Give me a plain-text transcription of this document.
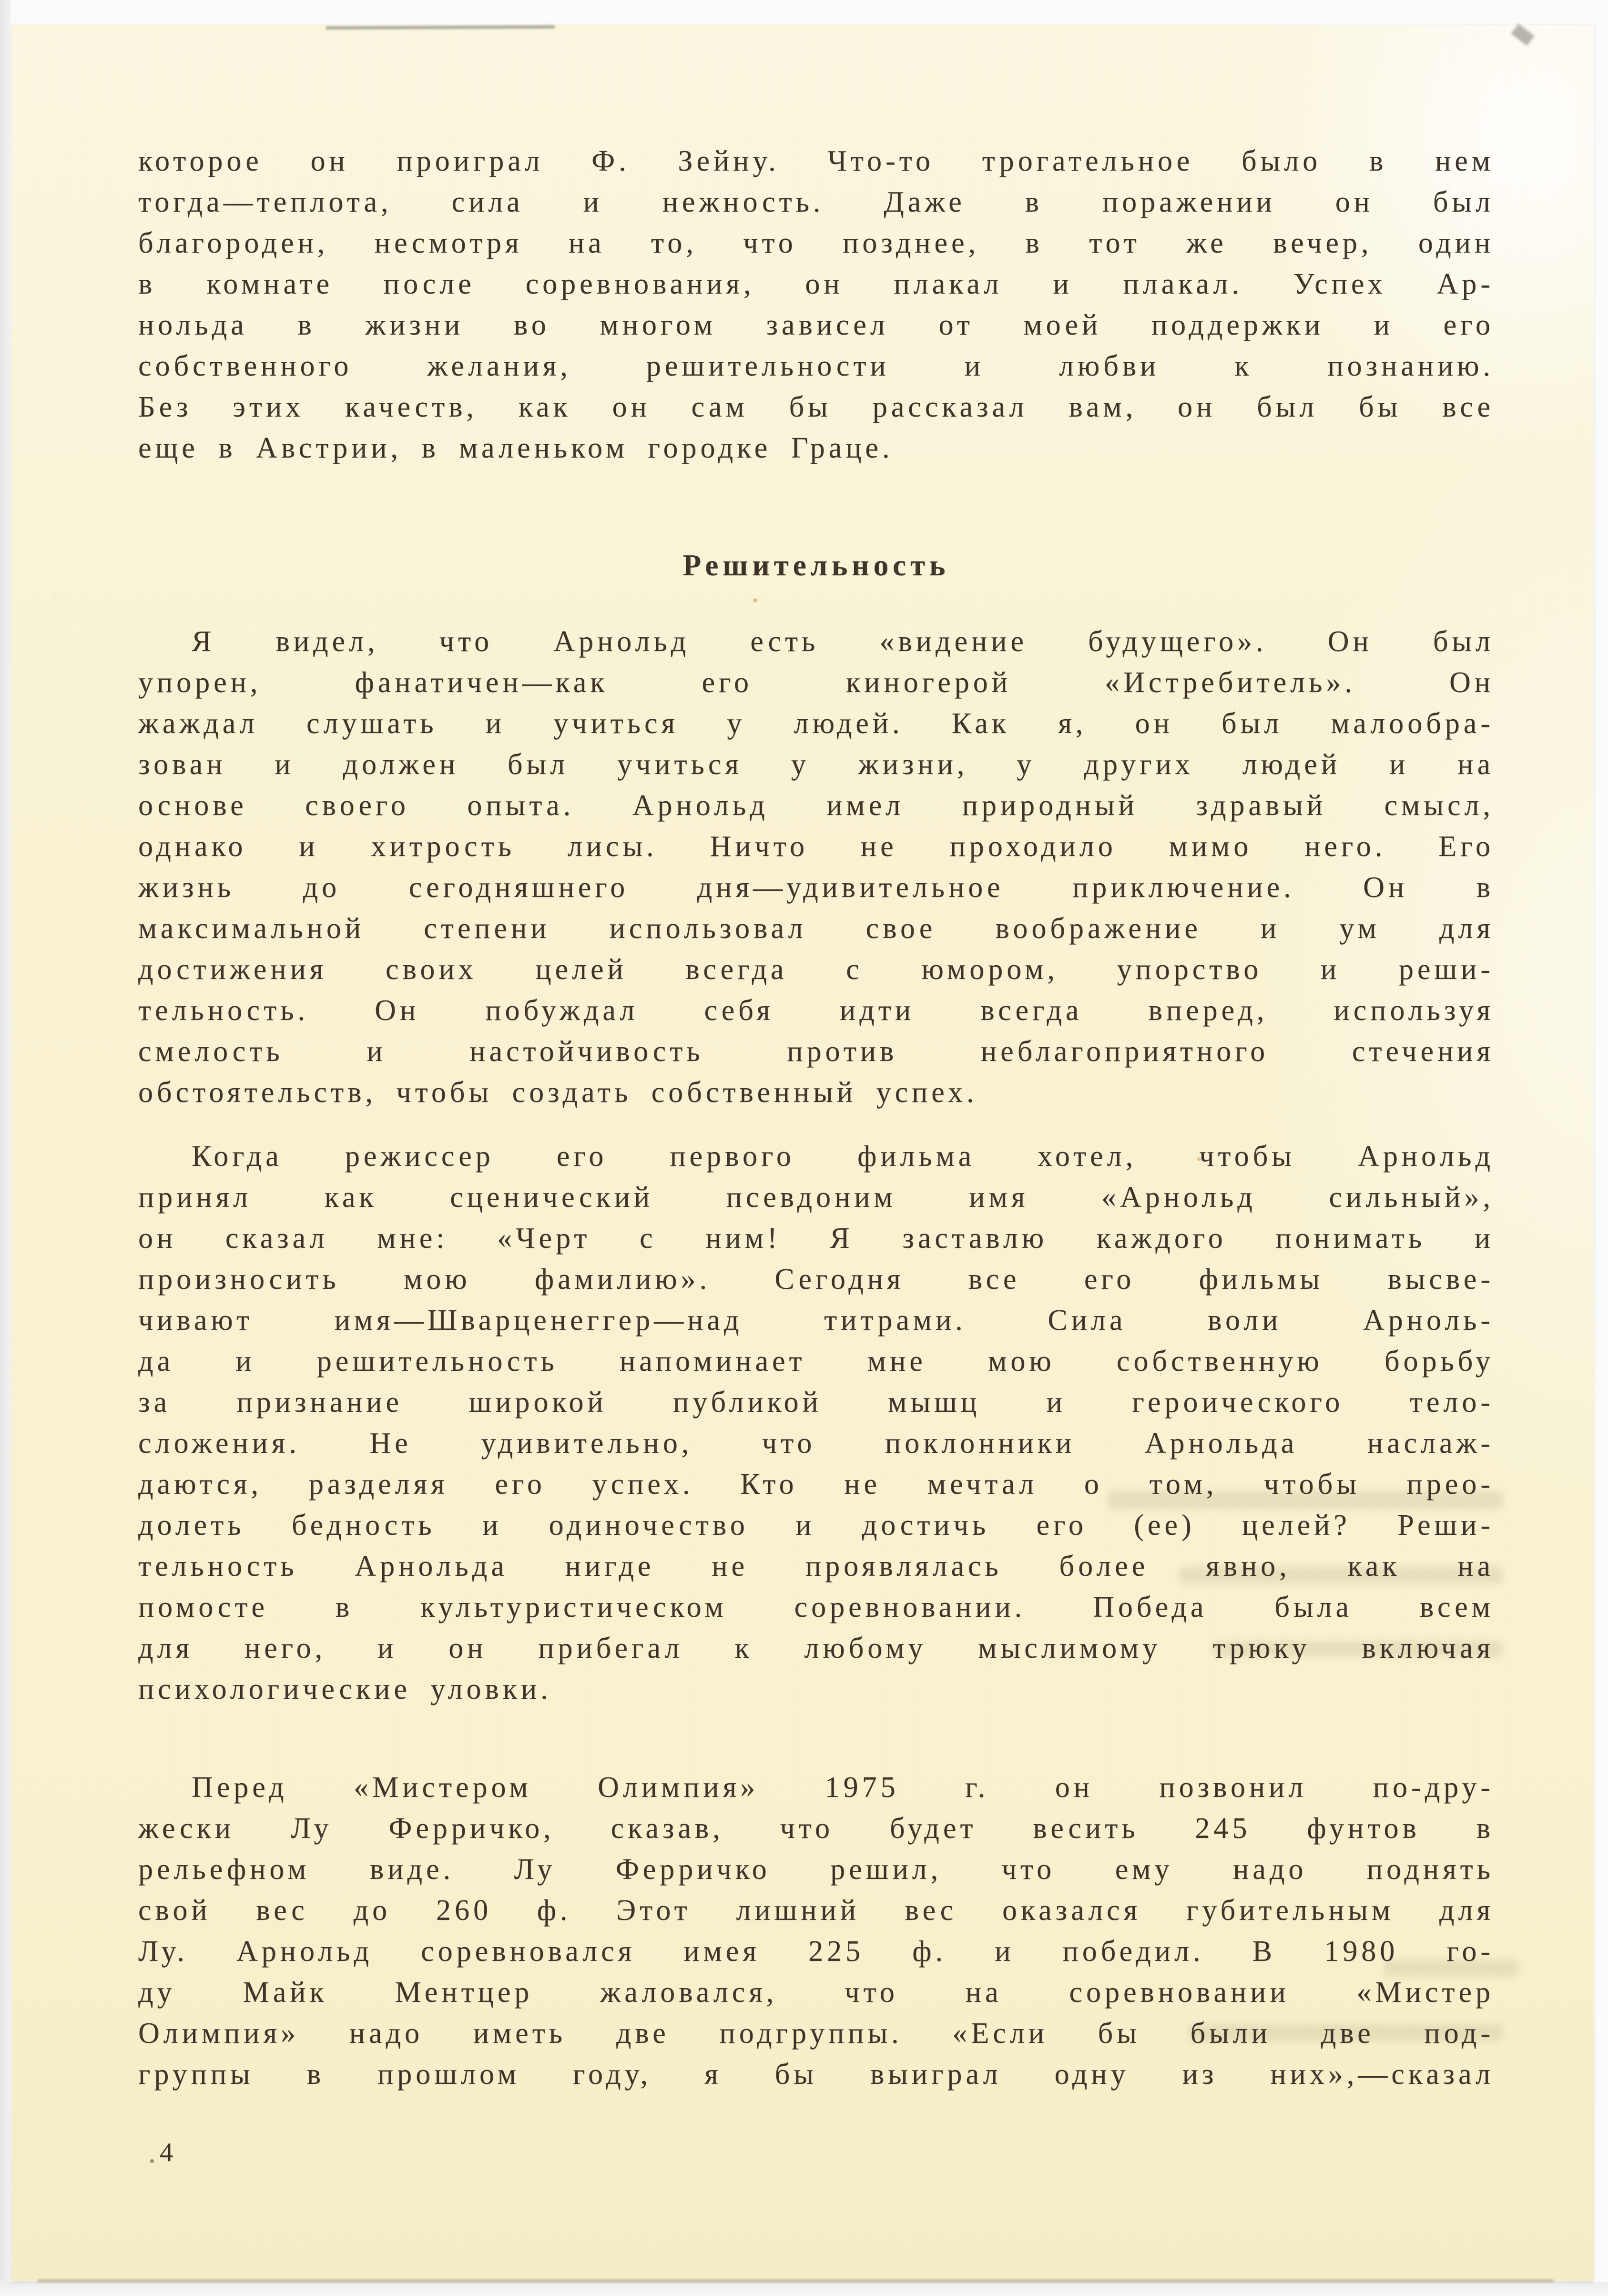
которое он проиграл Ф. Зейну. Что-то трогательное было в нем
тогда—теплота, сила и нежность. Даже в поражении он был
благороден, несмотря на то, что позднее, в тот же вечер, один
в комнате после соревнования, он плакал и плакал. Успех Ар-
нольда в жизни во многом зависел от моей поддержки и его
собственного желания, решительности и любви к познанию.
Без этих качеств, как он сам бы рассказал вам, он был бы все
еще в Австрии, в маленьком городке Граце.
Решительность
Я видел, что Арнольд есть «видение будущего». Он был
упорен, фанатичен—как его киногерой «Истребитель». Он
жаждал слушать и учиться у людей. Как я, он был малообра-
зован и должен был учиться у жизни, у других людей и на
основе своего опыта. Арнольд имел природный здравый смысл,
однако и хитрость лисы. Ничто не проходило мимо него. Его
жизнь до сегодняшнего дня—удивительное приключение. Он в
максимальной степени использовал свое воображение и ум для
достижения своих целей всегда с юмором, упорство и реши-
тельность. Он побуждал себя идти всегда вперед, используя
смелость и настойчивость против неблагоприятного стечения
обстоятельств, чтобы создать собственный успех.
Когда режиссер его первого фильма хотел, чтобы Арнольд
принял как сценический псевдоним имя «Арнольд сильный»,
он сказал мне: «Черт с ним! Я заставлю каждого понимать и
произносить мою фамилию». Сегодня все его фильмы высве-
чивают имя—Шварценеггер—над титрами. Сила воли Арноль-
да и решительность напоминает мне мою собственную борьбу
за признание широкой публикой мышц и героического тело-
сложения. Не удивительно, что поклонники Арнольда наслаж-
даются, разделяя его успех. Кто не мечтал о том, чтобы прео-
долеть бедность и одиночество и достичь его (ее) целей? Реши-
тельность Арнольда нигде не проявлялась более явно, как на
помосте в культуристическом соревновании. Победа была всем
для него, и он прибегал к любому мыслимому трюку включая
психологические уловки.
Перед «Мистером Олимпия» 1975 г. он позвонил по-дру-
жески Лу Ферричко, сказав, что будет весить 245 фунтов в
рельефном виде. Лу Ферричко решил, что ему надо поднять
свой вес до 260 ф. Этот лишний вес оказался губительным для
Лу. Арнольд соревновался имея 225 ф. и победил. В 1980 го-
ду Майк Ментцер жаловался, что на соревновании «Мистер
Олимпия» надо иметь две подгруппы. «Если бы были две под-
группы в прошлом году, я бы выиграл одну из них»,—сказал
4
